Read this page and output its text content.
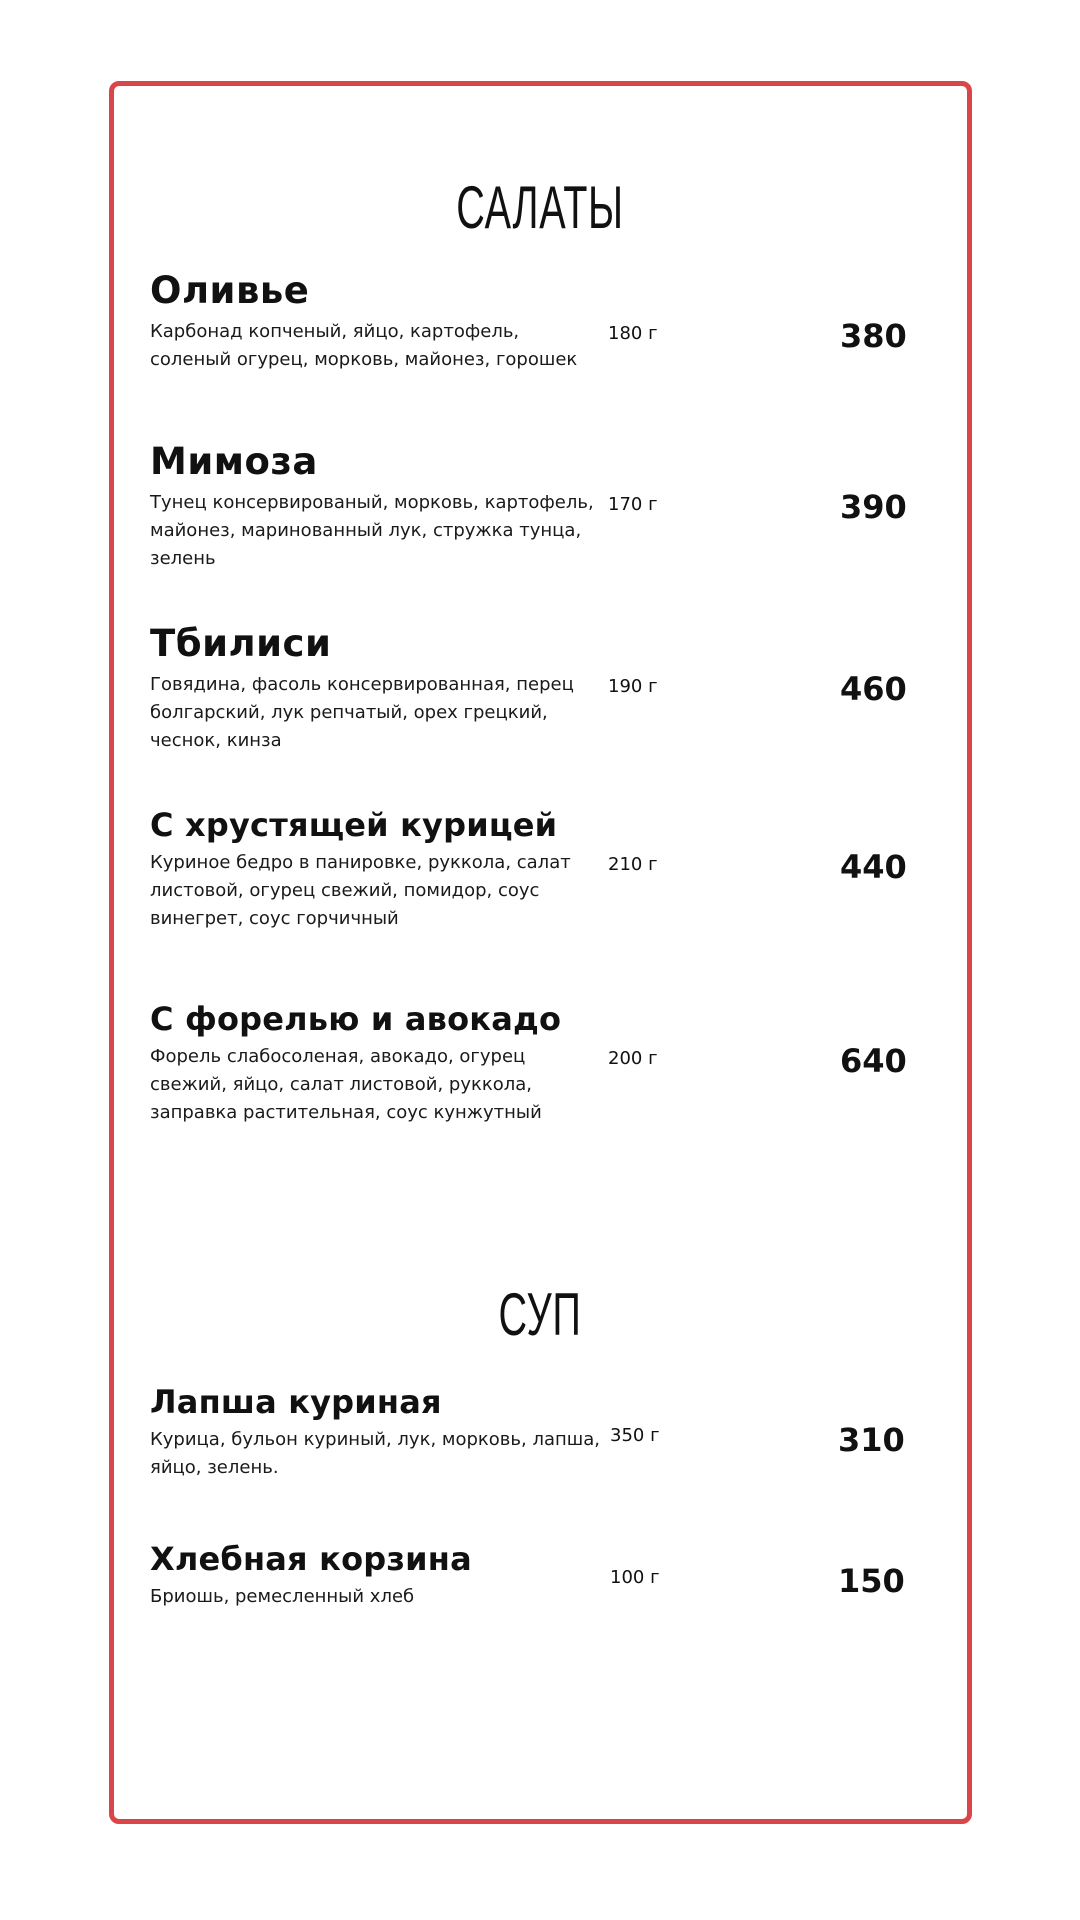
САЛАТЫ
Оливье

Карбонад копченый, яйцо, картофель, соленый огурец, морковь, майонез, горошек

180 г	380
Мимоза

Тунец консервированый, морковь, картофель, майонез, маринованный лук, стружка тунца, зелень

170 г	390
Тбилиси

Говядина, фасоль консервированная, перец болгарский, лук репчатый, орех грецкий, чеснок, кинза

190 г	460
С хрустящей курицей

Куриное бедро в панировке, руккола, салат листовой, огурец свежий, помидор, соус винегрет, соус горчичный

210 г	440
С форелью и авокадо

Форель слабосоленая, авокадо, огурец свежий, яйцо, салат листовой, руккола, заправка растительная, соус кунжутный

200 г	640
СУП
Лапша куриная

Курица, бульон куриный, лук, морковь, лапша, яйцо, зелень.

350 г	310
Хлебная корзина

Бриошь, ремесленный хлеб

100 г	150
